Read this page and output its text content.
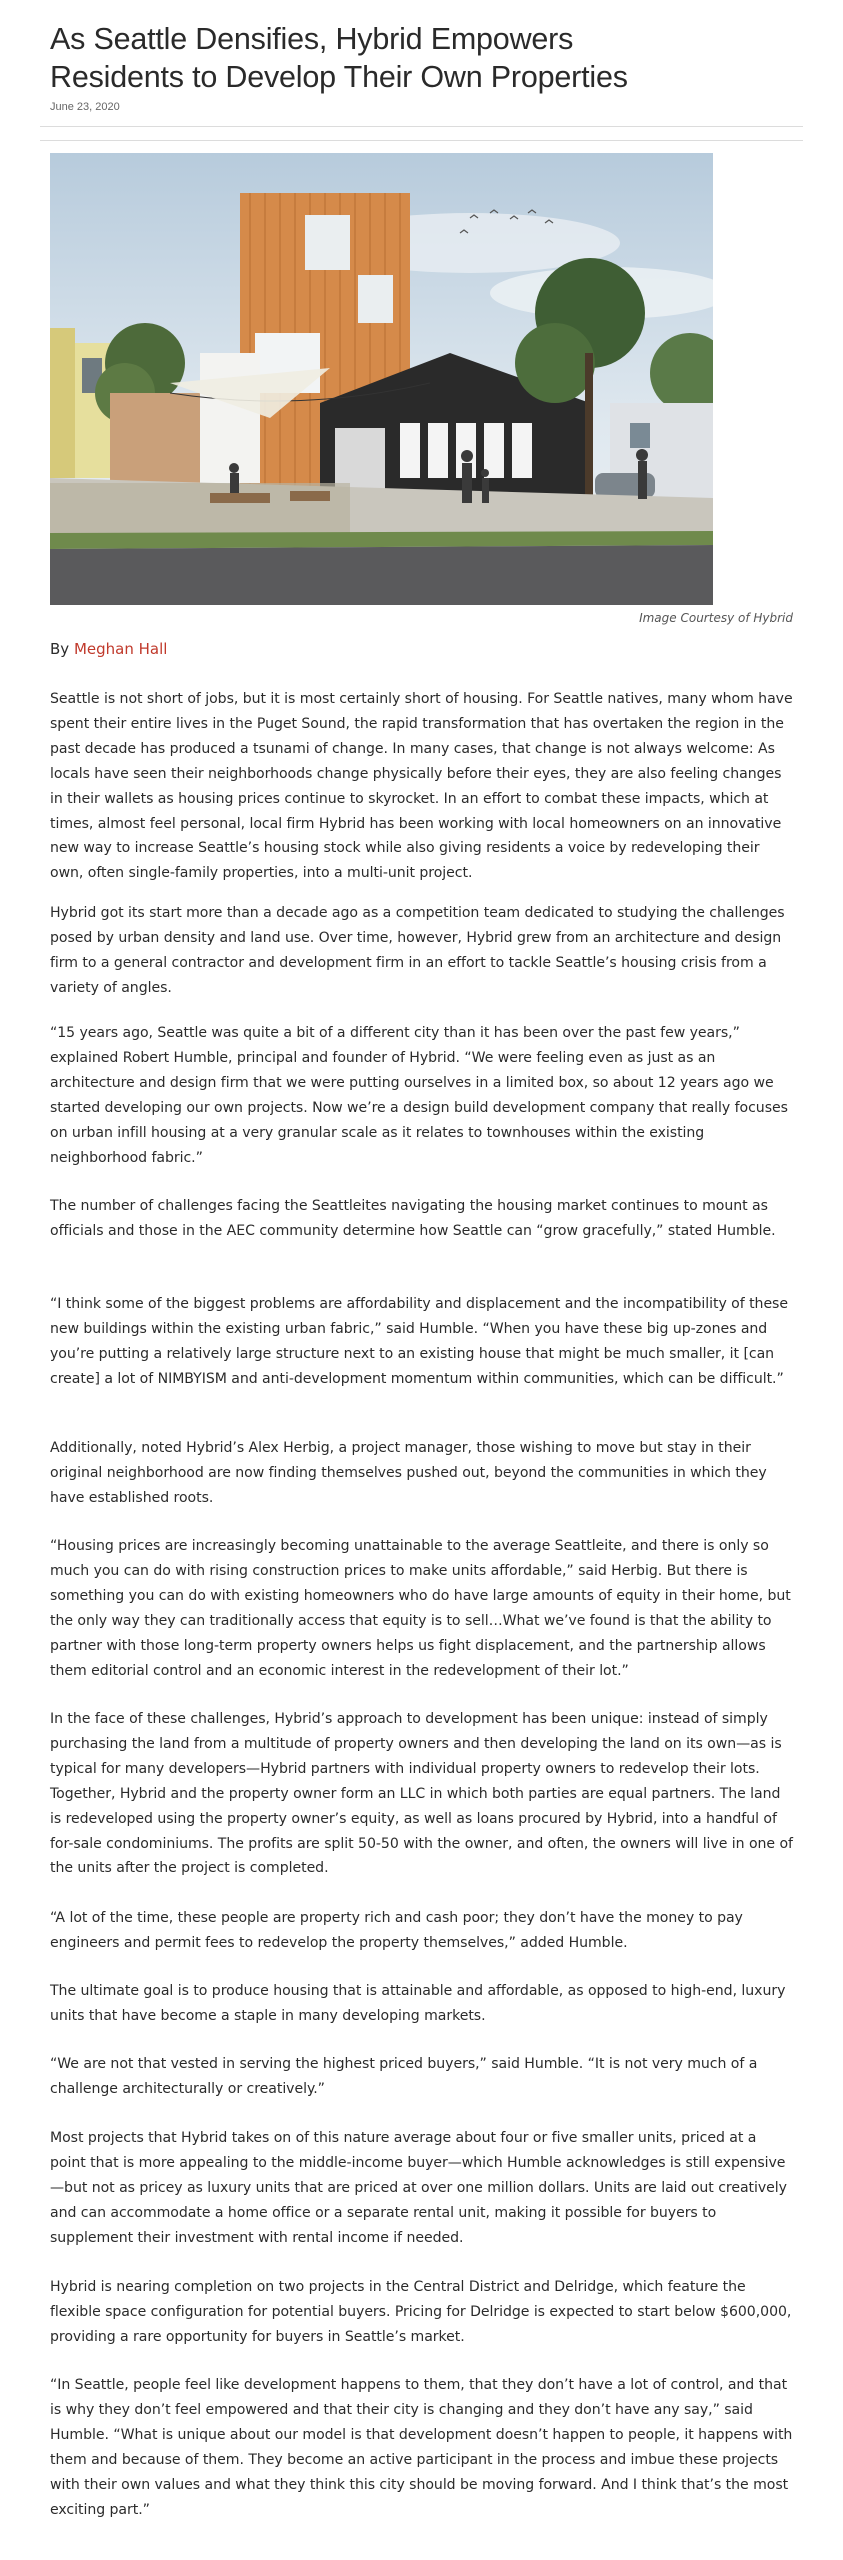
As Seattle Densifies, Hybrid Empowers
Residents to Develop Their Own Properties
June 23, 2020
Image Courtesy of Hybrid
By Meghan Hall

Seattle is not short of jobs, but it is most certainly short of housing. For Seattle natives, many whom have spent their entire lives in the Puget Sound, the rapid transformation that has overtaken the region in the past decade has produced a tsunami of change. In many cases, that change is not always welcome: As locals have seen their neighborhoods change physically before their eyes, they are also feeling changes in their wallets as housing prices continue to skyrocket. In an effort to combat these impacts, which at times, almost feel personal, local firm Hybrid has been working with local homeowners on an innovative new way to increase Seattle’s housing stock while also giving residents a voice by redeveloping their own, often single-family properties, into a multi-unit project.

Hybrid got its start more than a decade ago as a competition team dedicated to studying the challenges posed by urban density and land use. Over time, however, Hybrid grew from an architecture and design firm to a general contractor and development firm in an effort to tackle Seattle’s housing crisis from a variety of angles.

“15 years ago, Seattle was quite a bit of a different city than it has been over the past few years,” explained Robert Humble, principal and founder of Hybrid. “We were feeling even as just as an architecture and design firm that we were putting ourselves in a limited box, so about 12 years ago we started developing our own projects. Now we’re a design build development company that really focuses on urban infill housing at a very granular scale as it relates to townhouses within the existing neighborhood fabric.”

The number of challenges facing the Seattleites navigating the housing market continues to mount as officials and those in the AEC community determine how Seattle can “grow gracefully,” stated Humble.

“I think some of the biggest problems are affordability and displacement and the incompatibility of these new buildings within the existing urban fabric,” said Humble. “When you have these big up-zones and you’re putting a relatively large structure next to an existing house that might be much smaller, it [can create] a lot of NIMBYISM and anti-development momentum within communities, which can be difficult.”

Additionally, noted Hybrid’s Alex Herbig, a project manager, those wishing to move but stay in their original neighborhood are now finding themselves pushed out, beyond the communities in which they have established roots.

“Housing prices are increasingly becoming unattainable to the average Seattleite, and there is only so much you can do with rising construction prices to make units affordable,” said Herbig. But there is something you can do with existing homeowners who do have large amounts of equity in their home, but the only way they can traditionally access that equity is to sell…What we’ve found is that the ability to partner with those long-term property owners helps us fight displacement, and the partnership allows them editorial control and an economic interest in the redevelopment of their lot.”

In the face of these challenges, Hybrid’s approach to development has been unique: instead of simply purchasing the land from a multitude of property owners and then developing the land on its own—as is typical for many developers—Hybrid partners with individual property owners to redevelop their lots. Together, Hybrid and the property owner form an LLC in which both parties are equal partners. The land is redeveloped using the property owner’s equity, as well as loans procured by Hybrid, into a handful of for-sale condominiums. The profits are split 50-50 with the owner, and often, the owners will live in one of the units after the project is completed.

“A lot of the time, these people are property rich and cash poor; they don’t have the money to pay engineers and permit fees to redevelop the property themselves,” added Humble.

The ultimate goal is to produce housing that is attainable and affordable, as opposed to high-end, luxury units that have become a staple in many developing markets.

“We are not that vested in serving the highest priced buyers,” said Humble. “It is not very much of a challenge architecturally or creatively.”

Most projects that Hybrid takes on of this nature average about four or five smaller units, priced at a point that is more appealing to the middle-income buyer—which Humble acknowledges is still expensive—but not as pricey as luxury units that are priced at over one million dollars. Units are laid out creatively and can accommodate a home office or a separate rental unit, making it possible for buyers to supplement their investment with rental income if needed.

Hybrid is nearing completion on two projects in the Central District and Delridge, which feature the flexible space configuration for potential buyers. Pricing for Delridge is expected to start below $600,000, providing a rare opportunity for buyers in Seattle’s market.

“In Seattle, people feel like development happens to them, that they don’t have a lot of control, and that is why they don’t feel empowered and that their city is changing and they don’t have any say,” said Humble. “What is unique about our model is that development doesn’t happen to people, it happens with them and because of them. They become an active participant in the process and imbue these projects with their own values and what they think this city should be moving forward. And I think that’s the most exciting part.”
